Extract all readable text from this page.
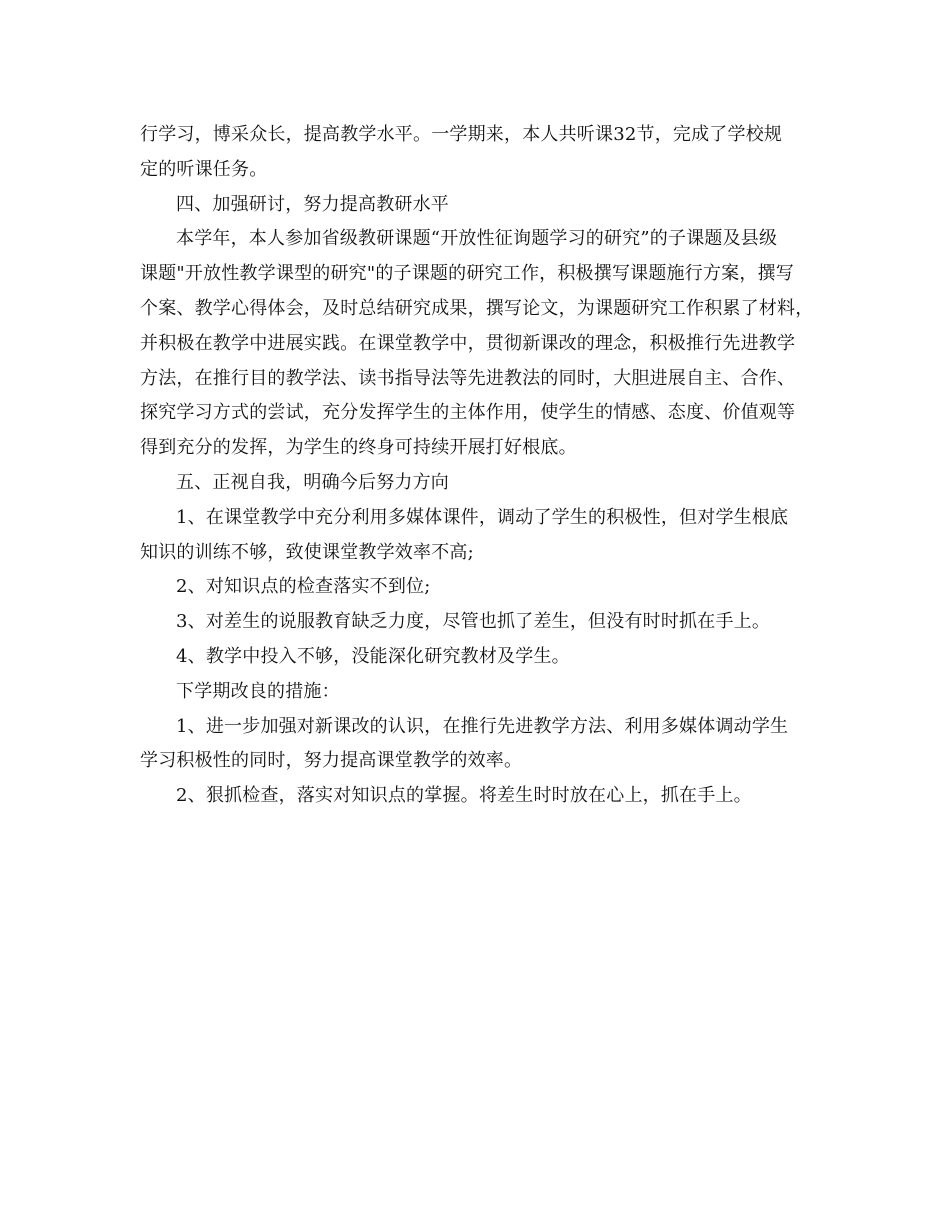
行学习，博采众长，提高教学水平。一学期来，本人共听课32节，完成了学校规
定的听课任务。
四、加强研讨，努力提高教研水平
本学年，本人参加省级教研课题“开放性征询题学习的研究”的子课题及县级
课题"开放性教学课型的研究"的子课题的研究工作，积极撰写课题施行方案，撰写
个案、教学心得体会，及时总结研究成果，撰写论文，为课题研究工作积累了材料，
并积极在教学中进展实践。在课堂教学中，贯彻新课改的理念，积极推行先进教学
方法，在推行目的教学法、读书指导法等先进教法的同时，大胆进展自主、合作、
探究学习方式的尝试，充分发挥学生的主体作用，使学生的情感、态度、价值观等
得到充分的发挥，为学生的终身可持续开展打好根底。
五、正视自我，明确今后努力方向
1、在课堂教学中充分利用多媒体课件，调动了学生的积极性，但对学生根底
知识的训练不够，致使课堂教学效率不高;
2、对知识点的检查落实不到位;
3、对差生的说服教育缺乏力度，尽管也抓了差生，但没有时时抓在手上。
4、教学中投入不够，没能深化研究教材及学生。
下学期改良的措施：
1、进一步加强对新课改的认识，在推行先进教学方法、利用多媒体调动学生
学习积极性的同时，努力提高课堂教学的效率。
2、狠抓检查，落实对知识点的掌握。将差生时时放在心上，抓在手上。
